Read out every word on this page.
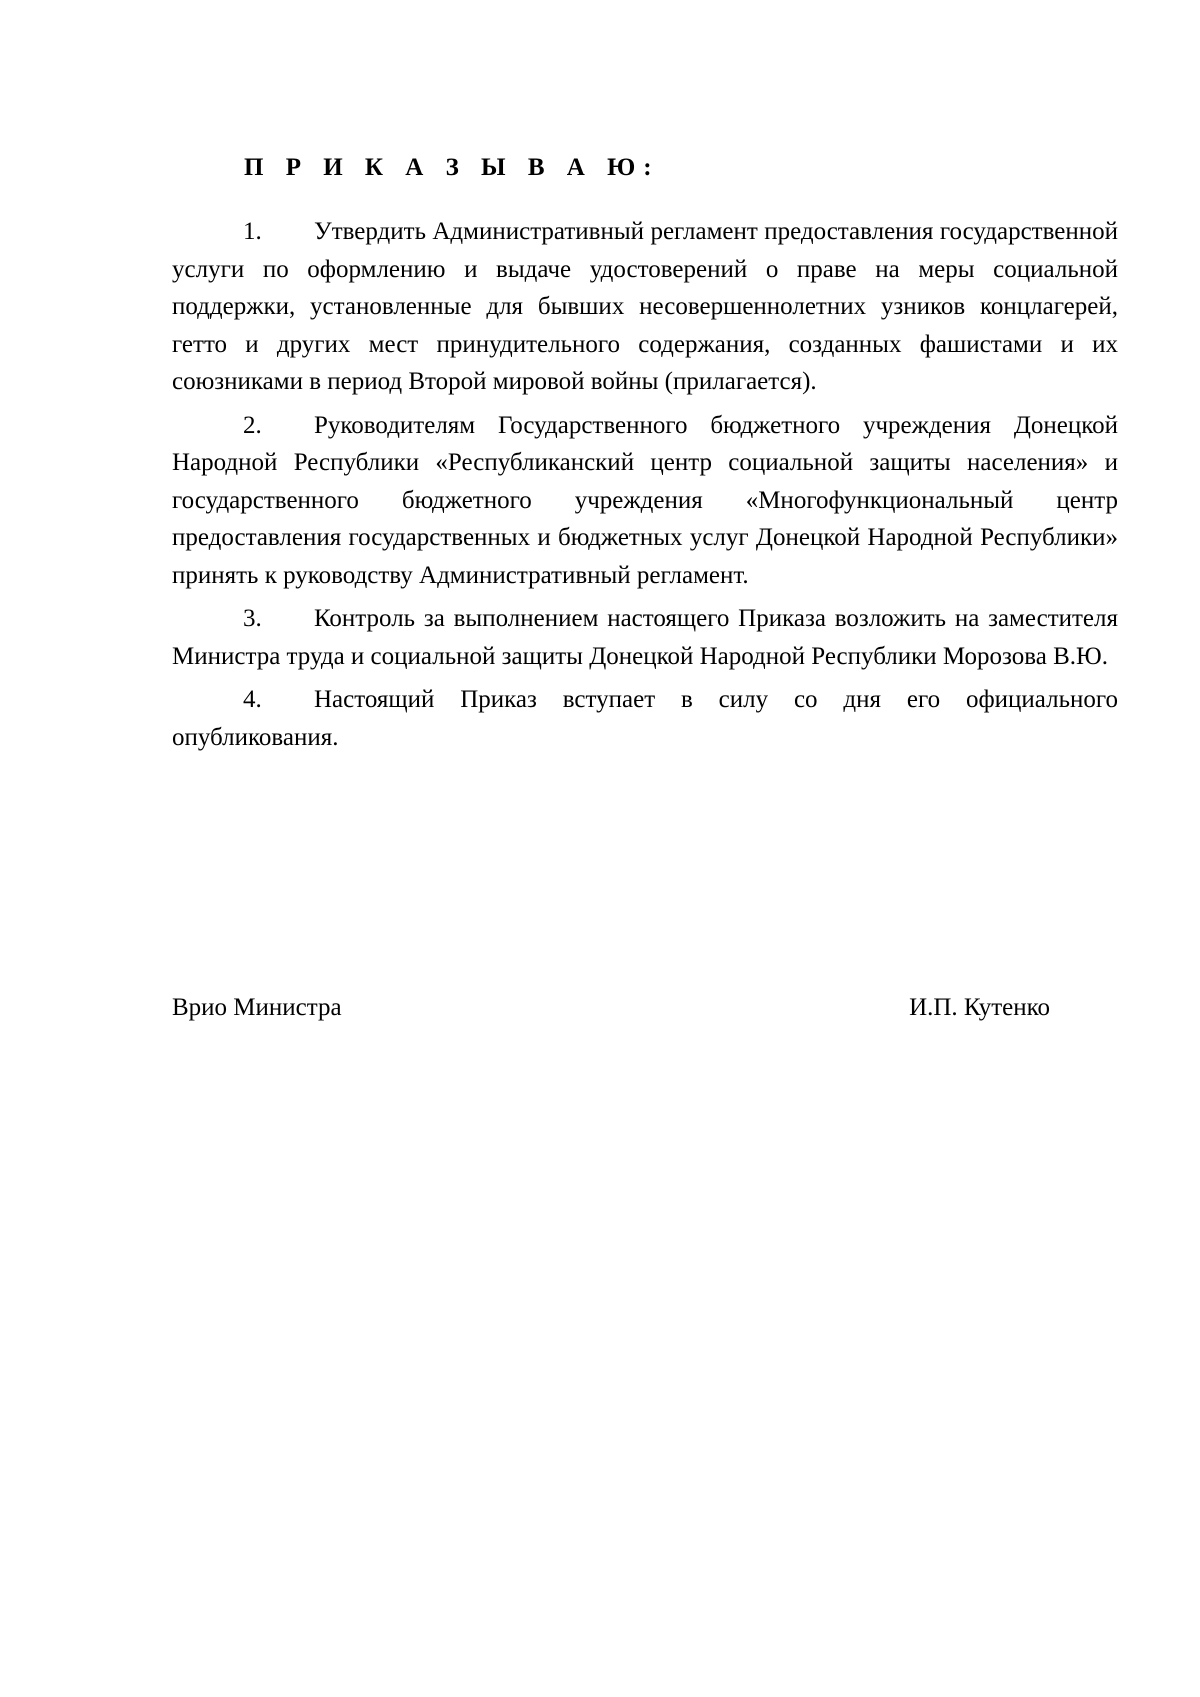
П Р И К А З Ы В А Ю:

1. Утвердить Административный регламент предоставления государственной услуги по оформлению и выдаче удостоверений о праве на меры социальной поддержки, установленные для бывших несовершеннолетних узников концлагерей, гетто и других мест принудительного содержания, созданных фашистами и их союзниками в период Второй мировой войны (прилагается).

2. Руководителям Государственного бюджетного учреждения Донецкой Народной Республики «Республиканский центр социальной защиты населения» и государственного бюджетного учреждения «Многофункциональный центр предоставления государственных и бюджетных услуг Донецкой Народной Республики» принять к руководству Административный регламент.

3. Контроль за выполнением настоящего Приказа возложить на заместителя Министра труда и социальной защиты Донецкой Народной Республики Морозова В.Ю.

4. Настоящий Приказ вступает в силу со дня его официального опубликования.

Врио Министра	И.П. Кутенко
